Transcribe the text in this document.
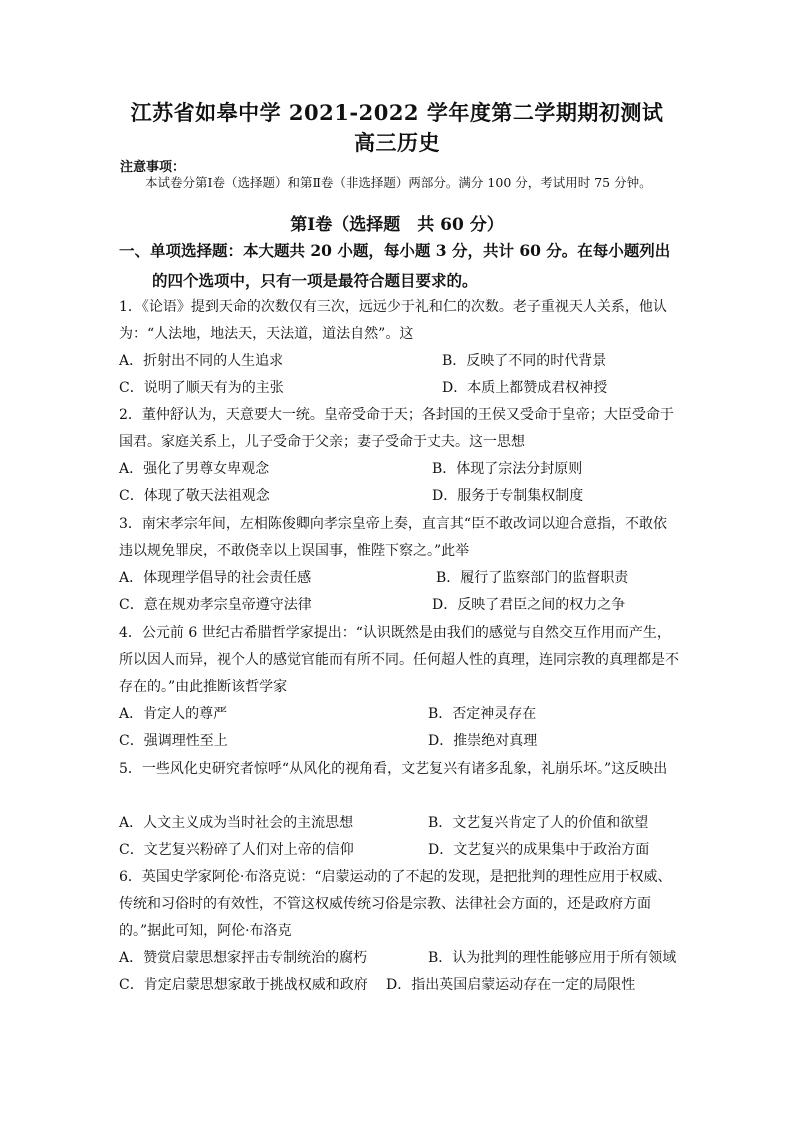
江苏省如皋中学 2021-2022 学年度第二学期期初测试
高三历史
注意事项：
本试卷分第Ⅰ卷（选择题）和第Ⅱ卷（非选择题）两部分。满分 100 分，考试用时 75 分钟。
第Ⅰ卷（选择题　共 60 分）
一、单项选择题：本大题共 20 小题，每小题 3 分，共计 60 分。在每小题列出
的四个选项中，只有一项是最符合题目要求的。
1．《论语》提到天命的次数仅有三次，远远少于礼和仁的次数。老子重视天人关系，他认为：“人法地，地法天，天法道，道法自然”。这
A．折射出不同的人生追求	B．反映了不同的时代背景
C．说明了顺天有为的主张	D．本质上都赞成君权神授
2．董仲舒认为，天意要大一统。皇帝受命于天；各封国的王侯又受命于皇帝；大臣受命于国君。家庭关系上，儿子受命于父亲；妻子受命于丈夫。这一思想
A．强化了男尊女卑观念	B．体现了宗法分封原则
C．体现了敬天法祖观念	D．服务于专制集权制度
3．南宋孝宗年间，左相陈俊卿向孝宗皇帝上奏，直言其“臣不敢改词以迎合意指，不敢依违以规免罪戾，不敢侥幸以上误国事，惟陛下察之。”此举
A．体现理学倡导的社会责任感	B．履行了监察部门的监督职责
C．意在规劝孝宗皇帝遵守法律	D．反映了君臣之间的权力之争
4．公元前 6 世纪古希腊哲学家提出：“认识既然是由我们的感觉与自然交互作用而产生，所以因人而异，视个人的感觉官能而有所不同。任何超人性的真理，连同宗教的真理都是不存在的。”由此推断该哲学家
A．肯定人的尊严	B．否定神灵存在
C．强调理性至上	D．推崇绝对真理
5．一些风化史研究者惊呼“从风化的视角看，文艺复兴有诸多乱象，礼崩乐坏。”这反映出
A．人文主义成为当时社会的主流思想	B．文艺复兴肯定了人的价值和欲望
C．文艺复兴粉碎了人们对上帝的信仰	D．文艺复兴的成果集中于政治方面
6．英国史学家阿伦·布洛克说：“启蒙运动的了不起的发现，是把批判的理性应用于权威、传统和习俗时的有效性，不管这权威传统习俗是宗教、法律社会方面的，还是政府方面的。”据此可知，阿伦·布洛克
A．赞赏启蒙思想家抨击专制统治的腐朽	B．认为批判的理性能够应用于所有领域
C．肯定启蒙思想家敢于挑战权威和政府 D．指出英国启蒙运动存在一定的局限性
